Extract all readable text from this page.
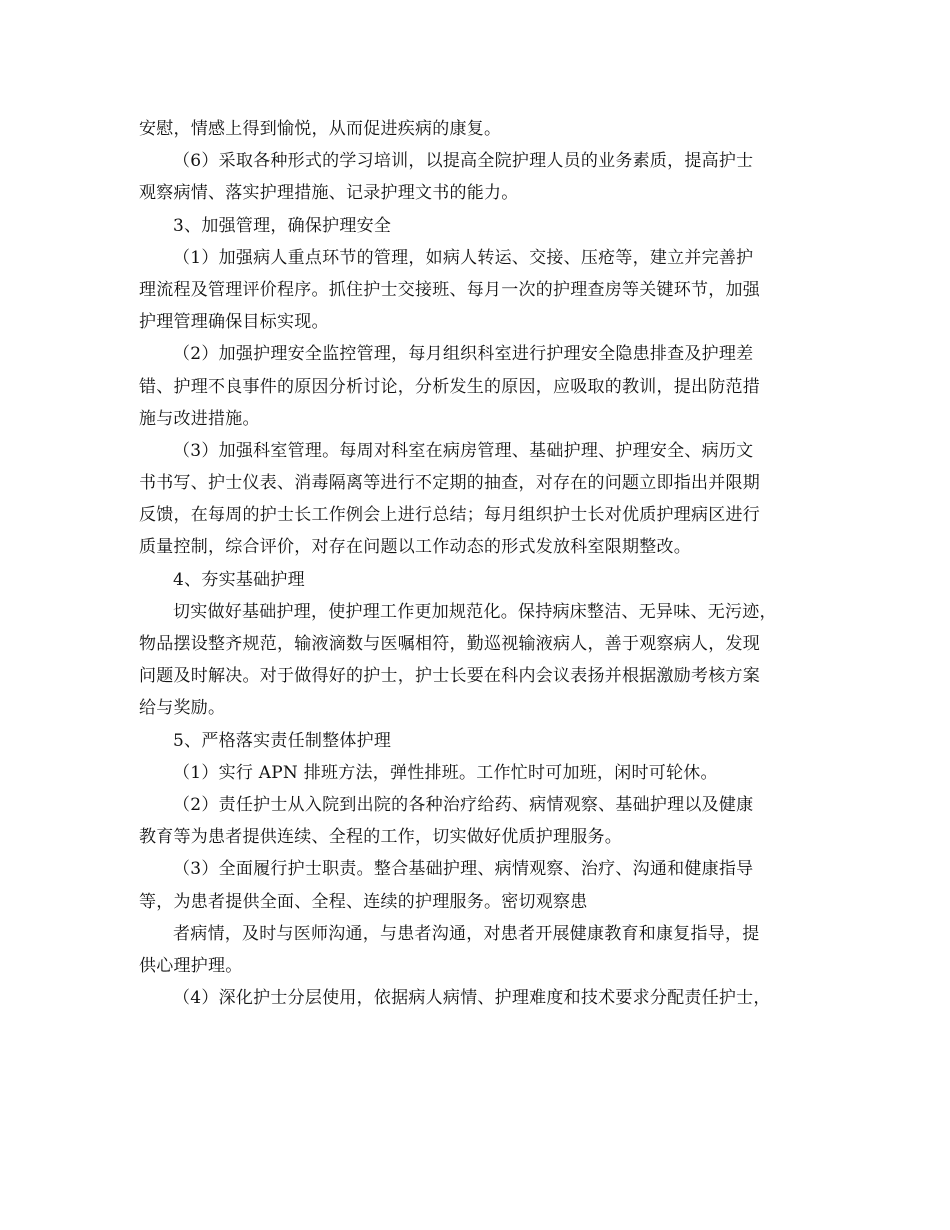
安慰，情感上得到愉悦，从而促进疾病的康复。
（6）采取各种形式的学习培训，以提高全院护理人员的业务素质，提高护士
观察病情、落实护理措施、记录护理文书的能力。
3、加强管理，确保护理安全
（1）加强病人重点环节的管理，如病人转运、交接、压疮等，建立并完善护
理流程及管理评价程序。抓住护士交接班、每月一次的护理查房等关键环节，加强
护理管理确保目标实现。
（2）加强护理安全监控管理，每月组织科室进行护理安全隐患排查及护理差
错、护理不良事件的原因分析讨论，分析发生的原因，应吸取的教训，提出防范措
施与改进措施。
（3）加强科室管理。每周对科室在病房管理、基础护理、护理安全、病历文
书书写、护士仪表、消毒隔离等进行不定期的抽查，对存在的问题立即指出并限期
反馈，在每周的护士长工作例会上进行总结；每月组织护士长对优质护理病区进行
质量控制，综合评价，对存在问题以工作动态的形式发放科室限期整改。
4、夯实基础护理
切实做好基础护理，使护理工作更加规范化。保持病床整洁、无异味、无污迹，
物品摆设整齐规范，输液滴数与医嘱相符，勤巡视输液病人，善于观察病人，发现
问题及时解决。对于做得好的护士，护士长要在科内会议表扬并根据激励考核方案
给与奖励。
5、严格落实责任制整体护理
（1）实行 APN 排班方法，弹性排班。工作忙时可加班，闲时可轮休。
（2）责任护士从入院到出院的各种治疗给药、病情观察、基础护理以及健康
教育等为患者提供连续、全程的工作，切实做好优质护理服务。
（3）全面履行护士职责。整合基础护理、病情观察、治疗、沟通和健康指导
等，为患者提供全面、全程、连续的护理服务。密切观察患
者病情，及时与医师沟通，与患者沟通，对患者开展健康教育和康复指导，提
供心理护理。
（4）深化护士分层使用，依据病人病情、护理难度和技术要求分配责任护士，
